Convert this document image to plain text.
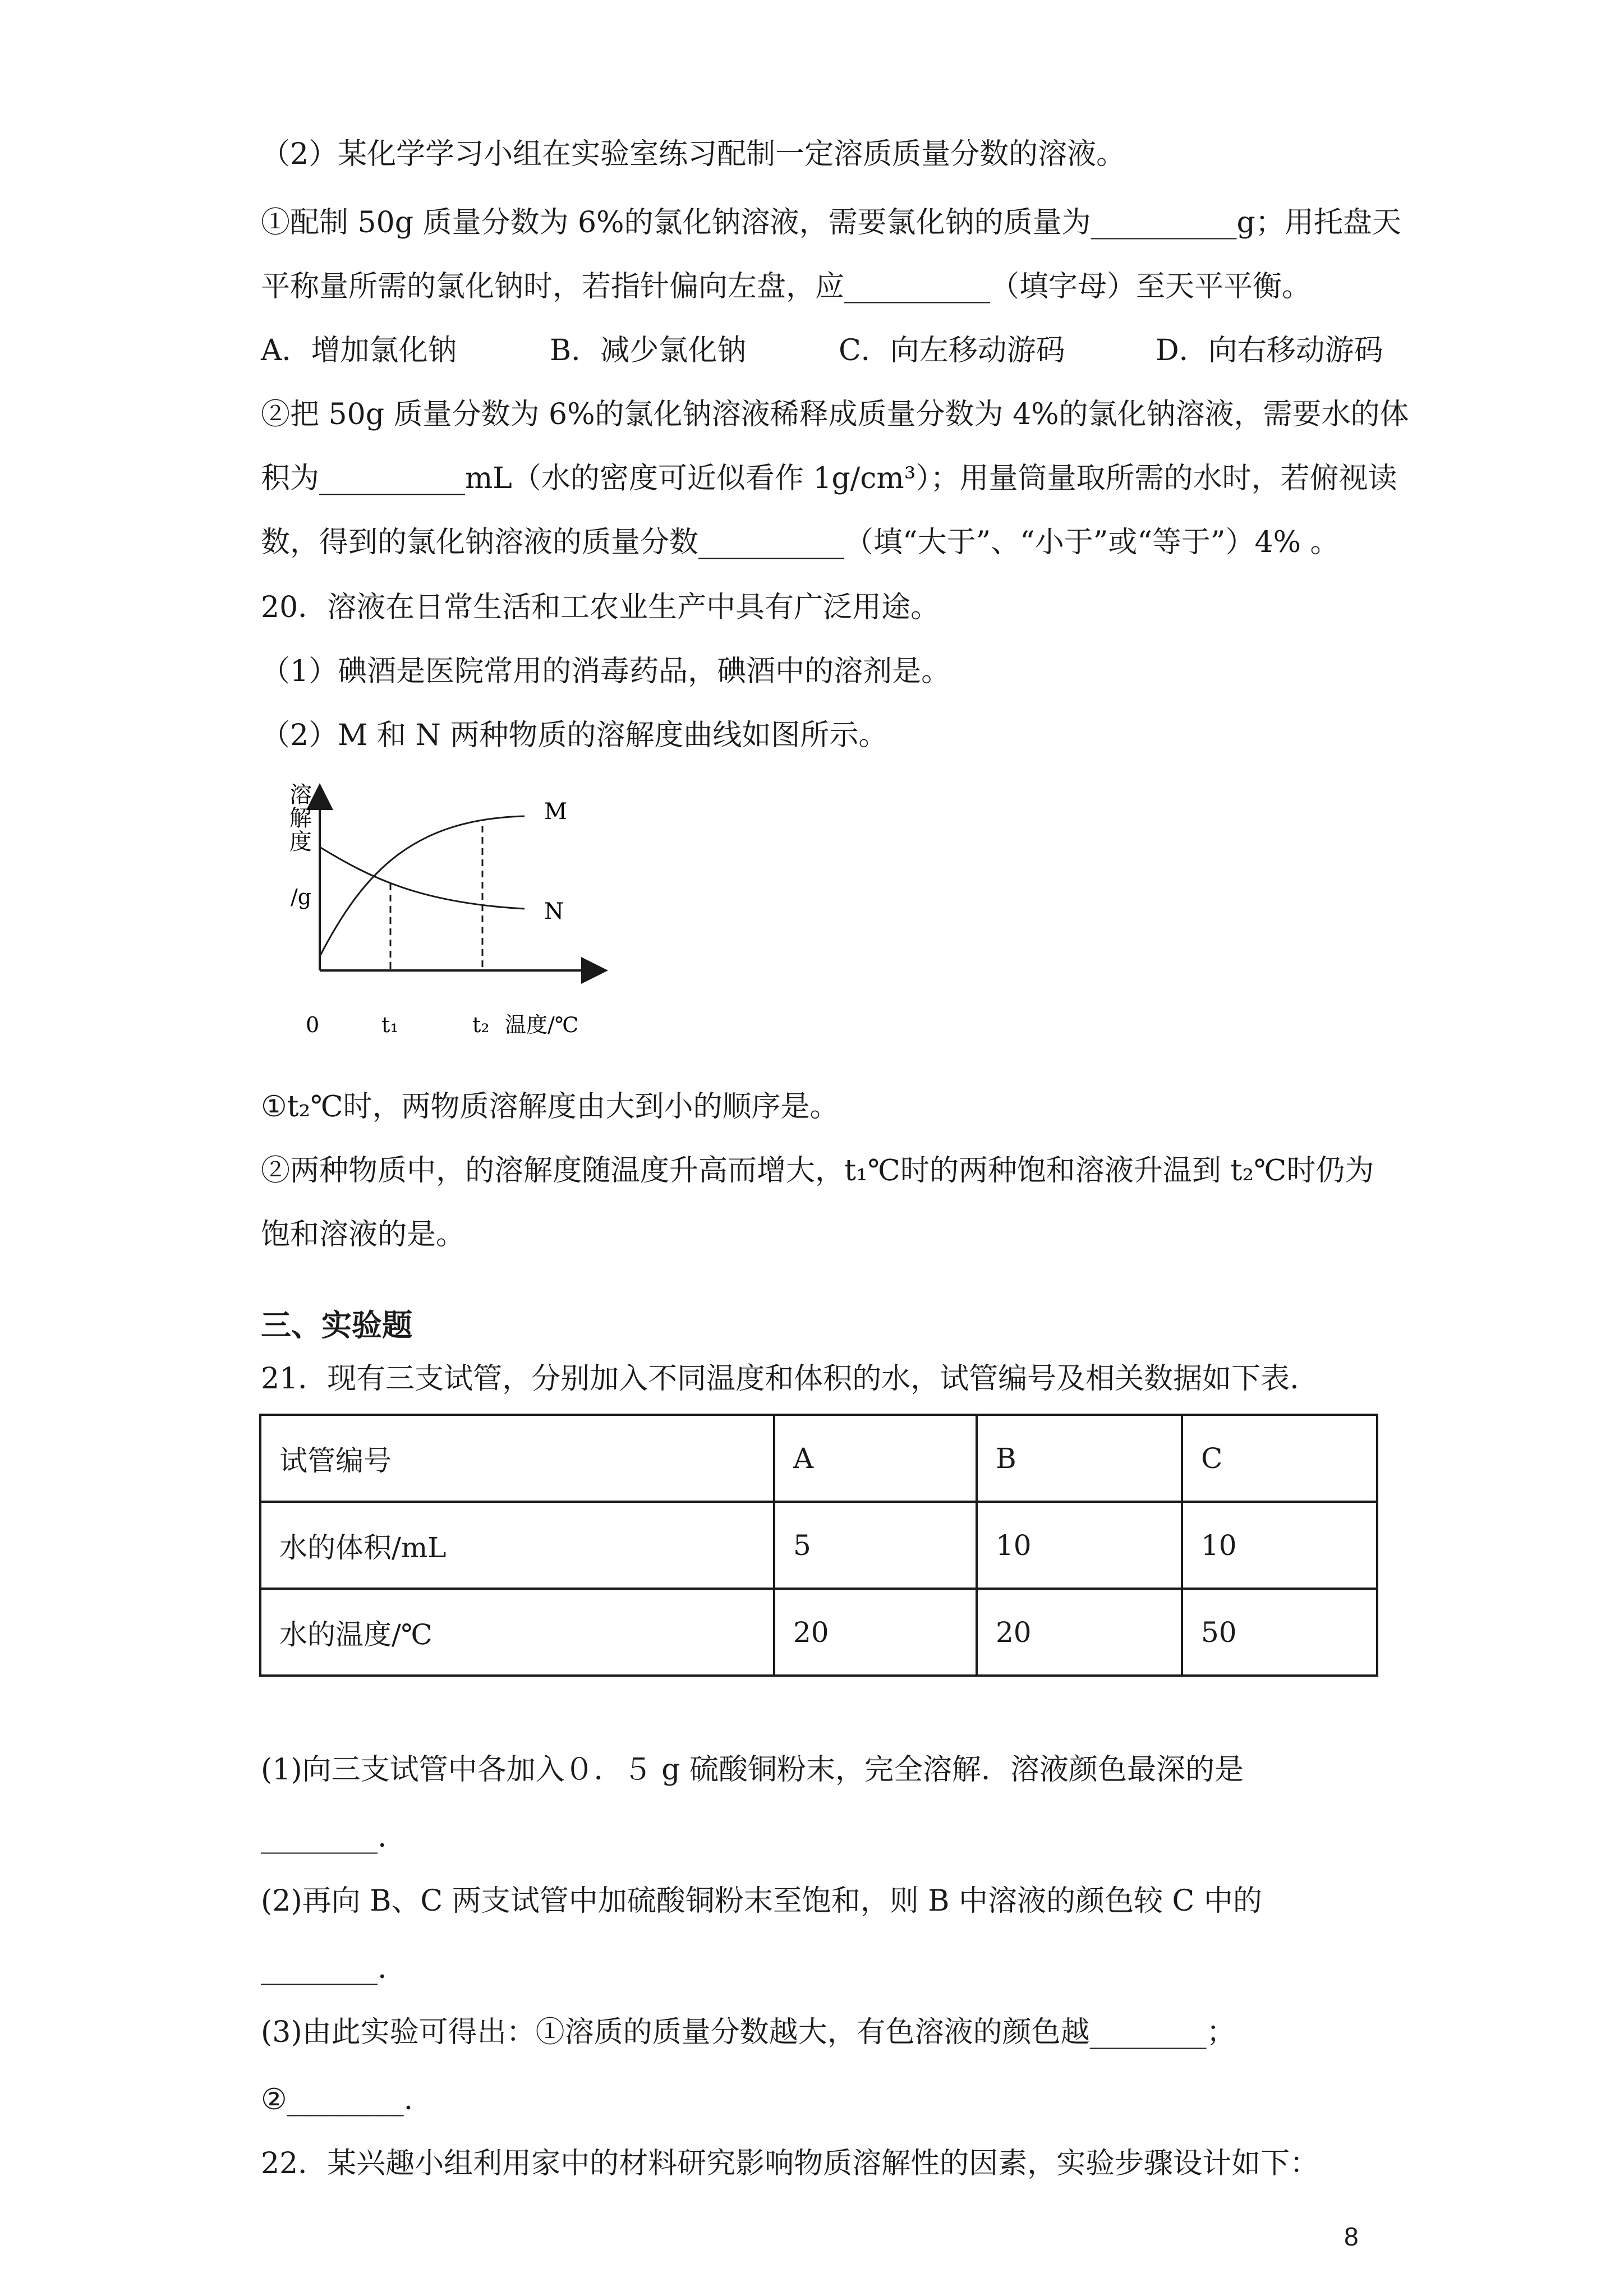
（2）某化学学习小组在实验室练习配制一定溶质质量分数的溶液。
①配制 50g 质量分数为 6%的氯化钠溶液，需要氯化钠的质量为__________g；用托盘天
平称量所需的氯化钠时，若指针偏向左盘，应__________（填字母）至天平平衡。
A．增加氯化钠	B．减少氯化钠	C．向左移动游码	D．向右移动游码
②把 50g 质量分数为 6%的氯化钠溶液稀释成质量分数为 4%的氯化钠溶液，需要水的体
积为__________mL（水的密度可近似看作 1g/cm³）；用量筒量取所需的水时，若俯视读
数，得到的氯化钠溶液的质量分数__________（填“大于”、“小于”或“等于”）4% 。
20．溶液在日常生活和工农业生产中具有广泛用途。
（1）碘酒是医院常用的消毒药品，碘酒中的溶剂是。
（2）M 和 N 两种物质的溶解度曲线如图所示。
溶
解
度
/g
0	t₁	t₂ 温度/℃
M
N
①t₂℃时，两物质溶解度由大到小的顺序是。
②两种物质中，的溶解度随温度升高而增大，t₁℃时的两种饱和溶液升温到 t₂℃时仍为
饱和溶液的是。
三、实验题
21．现有三支试管，分别加入不同温度和体积的水，试管编号及相关数据如下表.
试管编号	A	B	C
水的体积/mL	5	10	10
水的温度/℃	20	20	50
(1)向三支试管中各加入０．５ g 硫酸铜粉末，完全溶解．溶液颜色最深的是
________.
(2)再向 B、C 两支试管中加硫酸铜粉末至饱和，则 B 中溶液的颜色较 C 中的
________.
(3)由此实验可得出：①溶质的质量分数越大，有色溶液的颜色越________；
②________.
22．某兴趣小组利用家中的材料研究影响物质溶解性的因素，实验步骤设计如下：
8
